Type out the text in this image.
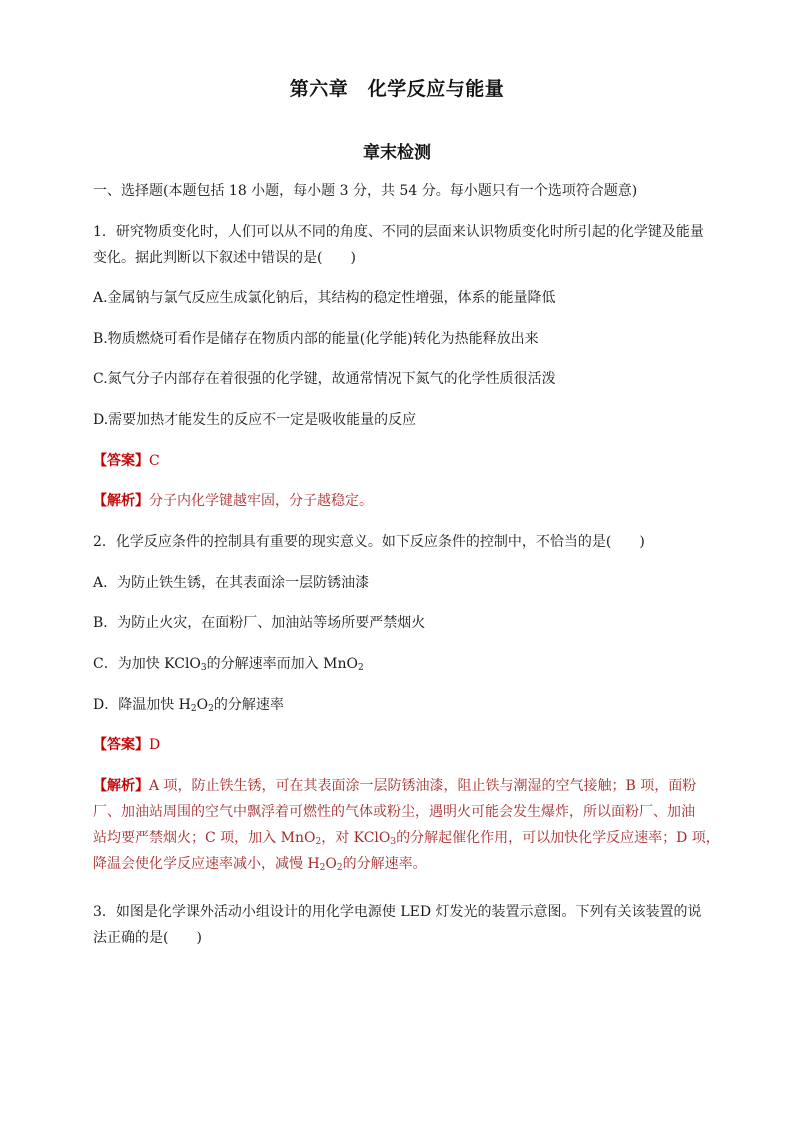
第六章　化学反应与能量
章末检测
一、选择题(本题包括 18 小题，每小题 3 分，共 54 分。每小题只有一个选项符合题意)
1．研究物质变化时，人们可以从不同的角度、不同的层面来认识物质变化时所引起的化学键及能量
变化。据此判断以下叙述中错误的是(　　)
A.金属钠与氯气反应生成氯化钠后，其结构的稳定性增强，体系的能量降低
B.物质燃烧可看作是储存在物质内部的能量(化学能)转化为热能释放出来
C.氮气分子内部存在着很强的化学键，故通常情况下氮气的化学性质很活泼
D.需要加热才能发生的反应不一定是吸收能量的反应
【答案】C
【解析】分子内化学键越牢固，分子越稳定。
2．化学反应条件的控制具有重要的现实意义。如下反应条件的控制中，不恰当的是(　　)
A．为防止铁生锈，在其表面涂一层防锈油漆
B．为防止火灾，在面粉厂、加油站等场所要严禁烟火
C．为加快 KClO$_3$的分解速率而加入 MnO$_2$
D．降温加快 $H_2O_2$的分解速率
【答案】D
【解析】A 项，防止铁生锈，可在其表面涂一层防锈油漆，阻止铁与潮湿的空气接触；B 项，面粉
厂、加油站周围的空气中飘浮着可燃性的气体或粉尘，遇明火可能会发生爆炸，所以面粉厂、加油
站均要严禁烟火；C 项，加入 MnO$_2$，对 KClO$_3$的分解起催化作用，可以加快化学反应速率；D 项，
降温会使化学反应速率减小，减慢 $H_2O_2$的分解速率。
3．如图是化学课外活动小组设计的用化学电源使 LED 灯发光的装置示意图。下列有关该装置的说
法正确的是(　　)
